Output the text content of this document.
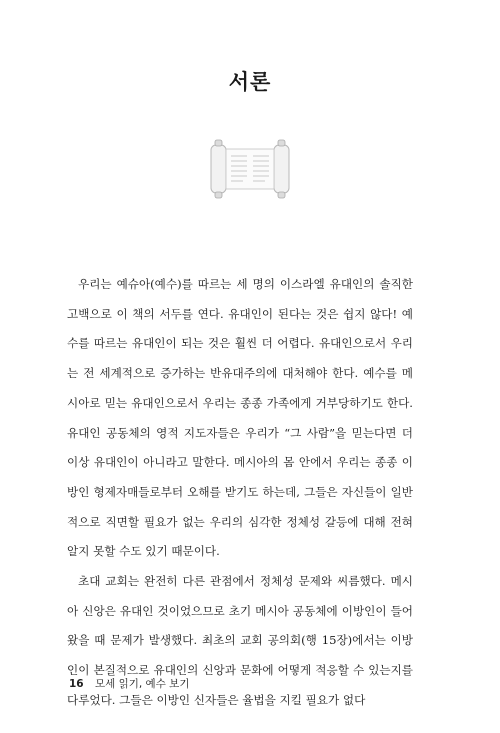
서론

우리는 예슈아(예수)를 따르는 세 명의 이스라엘 유대인의 솔직한 고백으로 이 책의 서두를 연다. 유대인이 된다는 것은 쉽지 않다! 예수를 따르는 유대인이 되는 것은 훨씬 더 어렵다. 유대인으로서 우리는 전 세계적으로 증가하는 반유대주의에 대처해야 한다. 예수를 메시아로 믿는 유대인으로서 우리는 종종 가족에게 거부당하기도 한다. 유대인 공동체의 영적 지도자들은 우리가 “그 사람”을 믿는다면 더 이상 유대인이 아니라고 말한다. 메시아의 몸 안에서 우리는 종종 이방인 형제자매들로부터 오해를 받기도 하는데, 그들은 자신들이 일반적으로 직면할 필요가 없는 우리의 심각한 정체성 갈등에 대해 전혀 알지 못할 수도 있기 때문이다.

초대 교회는 완전히 다른 관점에서 정체성 문제와 씨름했다. 메시아 신앙은 유대인 것이었으므로 초기 메시아 공동체에 이방인이 들어왔을 때 문제가 발생했다. 최초의 교회 공의회(행 15장)에서는 이방인이 본질적으로 유대인의 신앙과 문화에 어떻게 적응할 수 있는지를 다루었다. 그들은 이방인 신자들은 율법을 지킬 필요가 없다

16 모세 읽기, 예수 보기
